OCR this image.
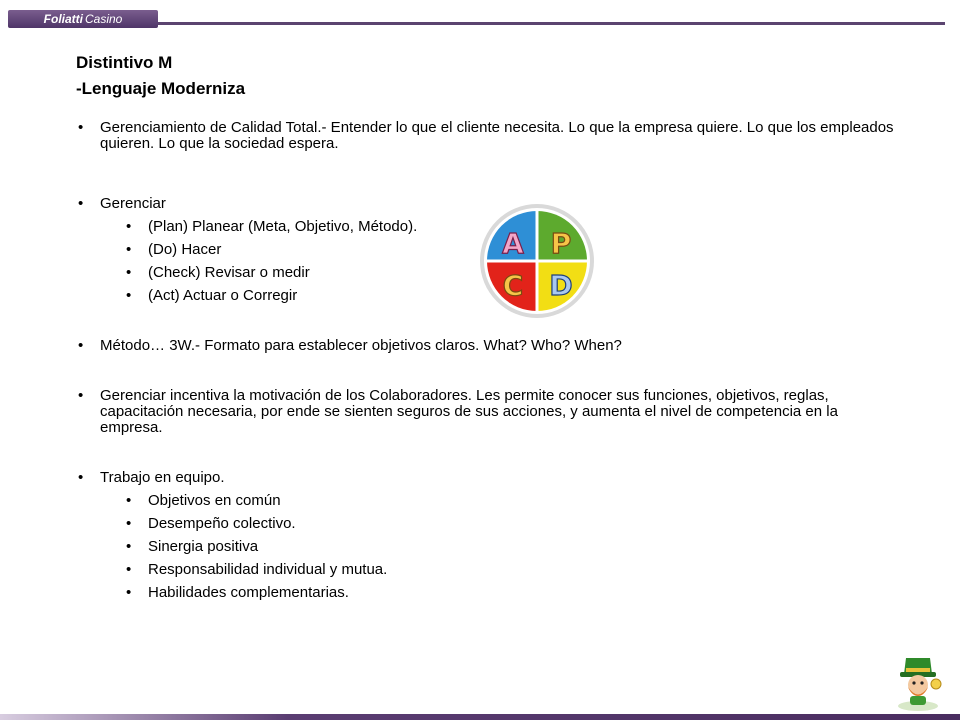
Foliatti Casino
Distintivo M
-Lenguaje Moderniza

• Gerenciamiento de Calidad Total.- Entender lo que el cliente necesita. Lo que la empresa quiere. Lo que los empleados quieren. Lo que la sociedad espera.

• Gerenciar

• (Plan) Planear (Meta, Objetivo, Método).

• (Do) Hacer

• (Check) Revisar o medir

• (Act) Actuar o Corregir

• Método… 3W.- Formato para establecer objetivos claros. What? Who? When?

• Gerenciar incentiva la motivación de los Colaboradores. Les permite conocer sus funciones, objetivos, reglas, capacitación necesaria, por ende se sienten seguros de sus acciones, y aumenta el nivel de competencia en la empresa.

• Trabajo en equipo.

• Objetivos en común

• Desempeño colectivo.

• Sinergia positiva

• Responsabilidad individual y mutua.

• Habilidades complementarias.

A P
C D
